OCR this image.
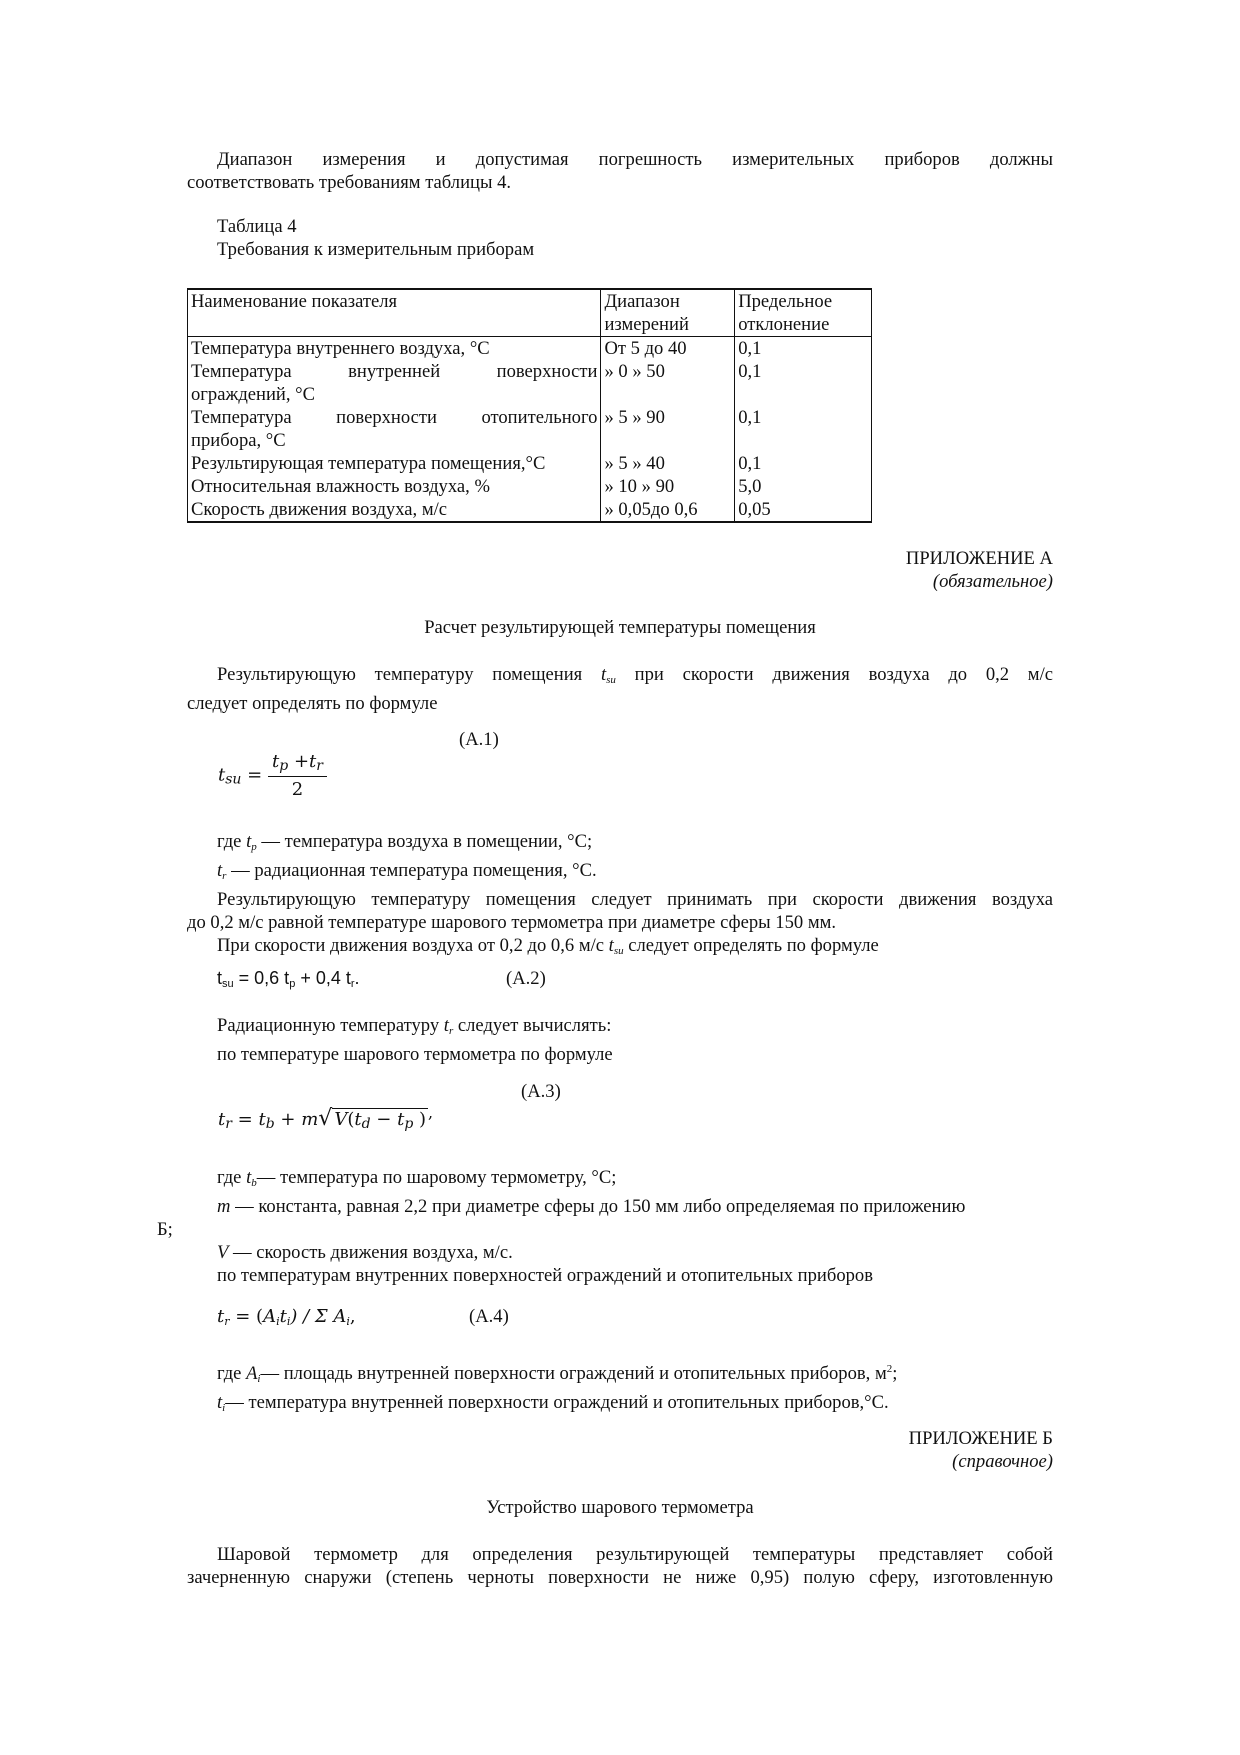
Диапазон измерения и допустимая погрешность измерительных приборов должны

соответствовать требованиям таблицы 4.

Таблица 4

Требования к измерительным приборам

Наименование показателя	Диапазон измерений	Предельное отклонение
Температура внутреннего воздуха, °С	От 5 до 40	0,1

Температура внутренней поверхности
ограждений, °С	» 0 » 50	0,1

Температура поверхности отопительного
прибора, °С	» 5 » 90	0,1
Результирующая температура помещения,°С	» 5 » 40	0,1
Относительная влажность воздуха, %	» 10 » 90	5,0
Скорость движения воздуха, м/с	» 0,05до 0,6	0,05

ПРИЛОЖЕНИЕ А

(обязательное)

Расчет результирующей температуры помещения

Результирующую температуру помещения $t_{su}$ при скорости движения воздуха до 0,2 м/с

следует определять по формуле

(А.1)
$t_{su} = \frac{t_p +t_r}{2}$

где $t_p$ — температура воздуха в помещении, °С;

$t_r$ — радиационная температура помещения, °С.

Результирующую температуру помещения следует принимать при скорости движения воздуха

до 0,2 м/с равной температуре шарового термометра при диаметре сферы 150 мм.

При скорости движения воздуха от 0,2 до 0,6 м/с $t_{su}$ следует определять по формуле

$t_{su} = 0,6$ $t_p + 0,4$ $t_r$.	(А.2)

Радиационную температуру $t_r$ следует вычислять:

по температуре шарового термометра по формуле

$t_r = t_b + m√$ $V(t_d - t_p$ ) ,
(А.3)

где $t_b—$ температура по шаровому термометру, °С;

m — константа, равная 2,2 при диаметре сферы до 150 мм либо определяемая по приложению

Б;

V — скорость движения воздуха, м/с.

по температурам внутренних поверхностей ограждений и отопительных приборов

$t_r = (A_it_i) / \Sigma$ $A_i$,	(А.4)

где $A_i—$ площадь внутренней поверхности ограждений и отопительных приборов, $м^2$;

$t_i—$ температура внутренней поверхности ограждений и отопительных приборов,°С.

ПРИЛОЖЕНИЕ Б

(справочное)

Устройство шарового термометра

Шаровой термометр для определения результирующей температуры представляет собой

зачерненную снаружи (степень черноты поверхности не ниже 0,95) полую сферу, изготовленную
